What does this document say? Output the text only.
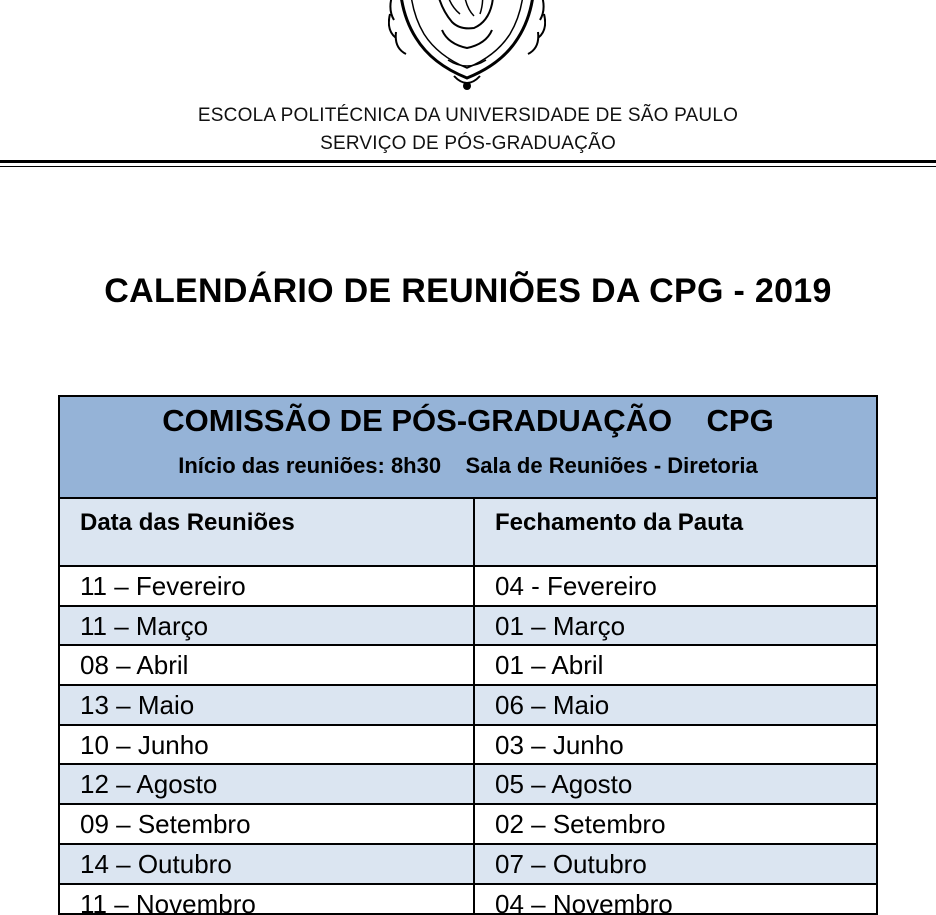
ESCOLA POLITÉCNICA DA UNIVERSIDADE DE SÃO PAULO
SERVIÇO DE PÓS-GRADUAÇÃO
CALENDÁRIO DE REUNIÕES DA CPG - 2019
COMISSÃO DE PÓS-GRADUAÇÃO    CPG
Início das reuniões: 8h30    Sala de Reuniões - Diretoria
Data das Reuniões	Fechamento da Pauta
11 – Fevereiro	04 - Fevereiro
11 – Março	01 – Março
08 – Abril	01 – Abril
13 – Maio	06 – Maio
10 – Junho	03 – Junho
12 – Agosto	05 – Agosto
09 – Setembro	02 – Setembro
14 – Outubro	07 – Outubro
11 – Novembro	04 – Novembro
